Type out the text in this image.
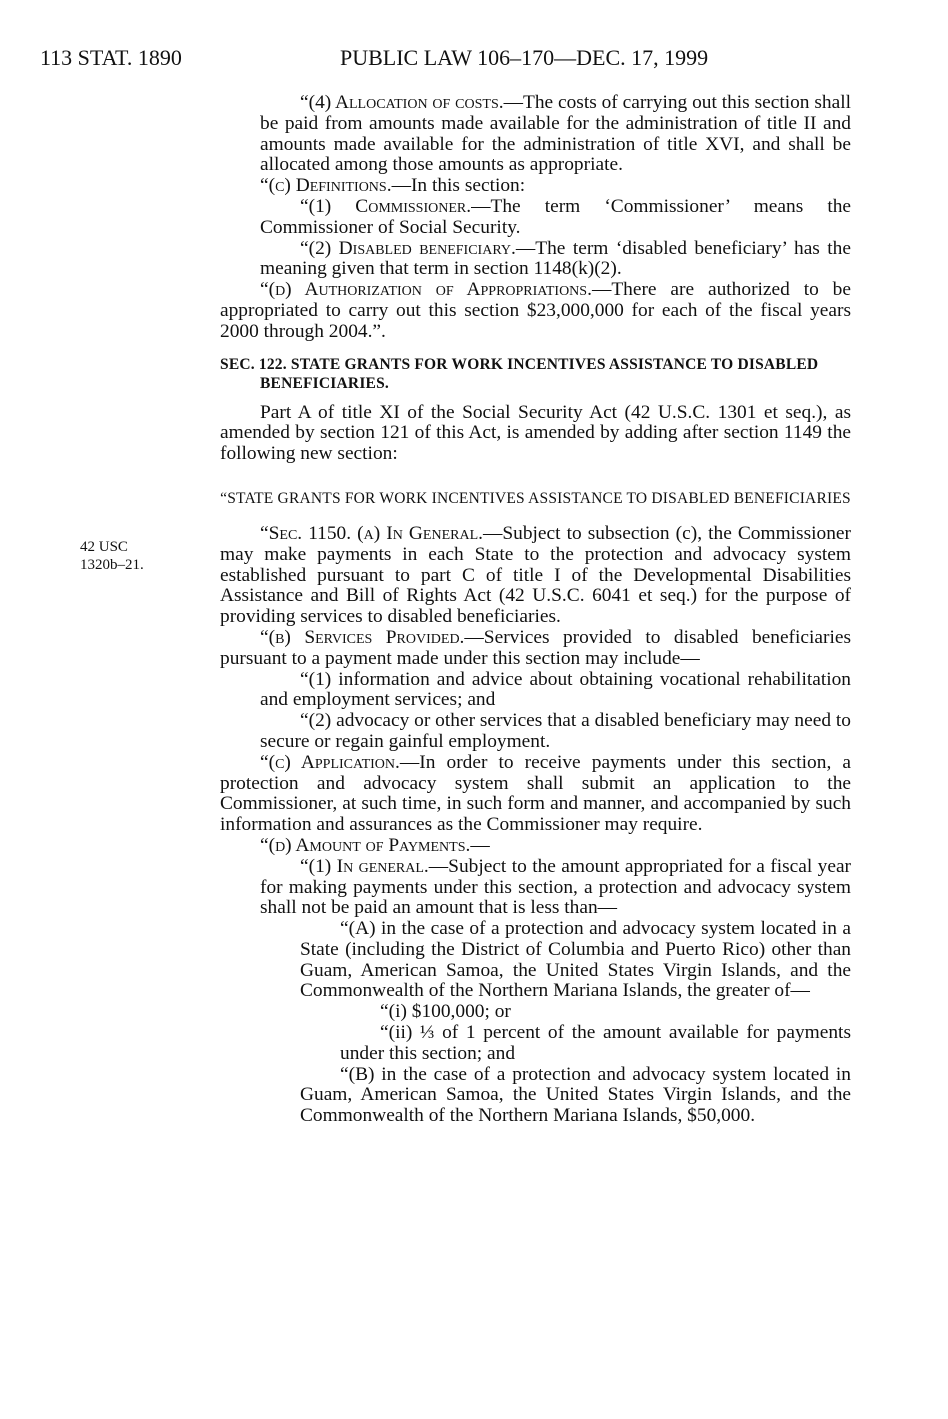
113 STAT. 1890	PUBLIC LAW 106–170—DEC. 17, 1999
42 USC
1320b–21.

“(4) Allocation of costs.—The costs of carrying out this section shall be paid from amounts made available for the administration of title II and amounts made available for the administration of title XVI, and shall be allocated among those amounts as appropriate.

“(c) Definitions.—In this section:

“(1) Commissioner.—The term ‘Commissioner’ means the Commissioner of Social Security.

“(2) Disabled beneficiary.—The term ‘disabled beneficiary’ has the meaning given that term in section 1148(k)(2).

“(d) Authorization of Appropriations.—There are authorized to be appropriated to carry out this section $23,000,000 for each of the fiscal years 2000 through 2004.”.

SEC. 122. STATE GRANTS FOR WORK INCENTIVES ASSISTANCE TO DISABLED BENEFICIARIES.

Part A of title XI of the Social Security Act (42 U.S.C. 1301 et seq.), as amended by section 121 of this Act, is amended by adding after section 1149 the following new section:

“STATE GRANTS FOR WORK INCENTIVES ASSISTANCE TO DISABLED BENEFICIARIES

“Sec. 1150. (a) In General.—Subject to subsection (c), the Commissioner may make payments in each State to the protection and advocacy system established pursuant to part C of title I of the Developmental Disabilities Assistance and Bill of Rights Act (42 U.S.C. 6041 et seq.) for the purpose of providing services to disabled beneficiaries.

“(b) Services Provided.—Services provided to disabled beneficiaries pursuant to a payment made under this section may include—

“(1) information and advice about obtaining vocational rehabilitation and employment services; and

“(2) advocacy or other services that a disabled beneficiary may need to secure or regain gainful employment.

“(c) Application.—In order to receive payments under this section, a protection and advocacy system shall submit an application to the Commissioner, at such time, in such form and manner, and accompanied by such information and assurances as the Commissioner may require.

“(d) Amount of Payments.—

“(1) In general.—Subject to the amount appropriated for a fiscal year for making payments under this section, a protection and advocacy system shall not be paid an amount that is less than—

“(A) in the case of a protection and advocacy system located in a State (including the District of Columbia and Puerto Rico) other than Guam, American Samoa, the United States Virgin Islands, and the Commonwealth of the Northern Mariana Islands, the greater of—

“(i) $100,000; or

“(ii) ⅓ of 1 percent of the amount available for payments under this section; and

“(B) in the case of a protection and advocacy system located in Guam, American Samoa, the United States Virgin Islands, and the Commonwealth of the Northern Mariana Islands, $50,000.
